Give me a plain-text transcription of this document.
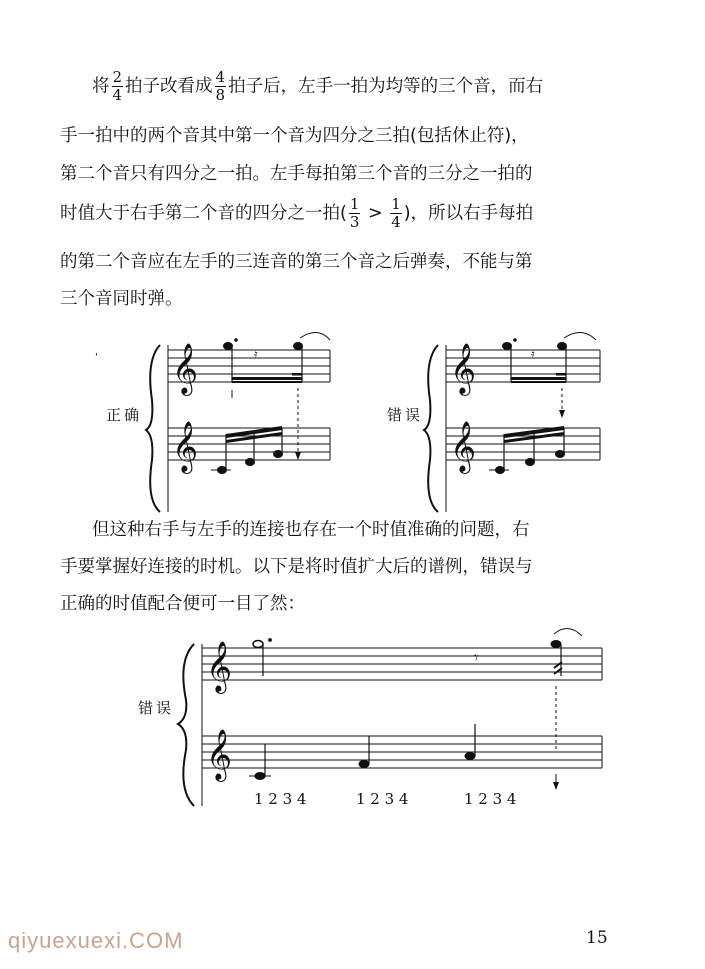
将 $\frac{2}{4}$ 拍子改看成 $\frac{4}{8}$ 拍子后，左手一拍为均等的三个音，而右
手一拍中的两个音其中第一个音为四分之三拍(包括休止符)，
第二个音只有四分之一拍。左手每拍第三个音的三分之一拍的
时值大于右手第二个音的四分之一拍( $\frac{1}{3} > \frac{1}{4}$ )，所以右手每拍
的第二个音应在左手的三连音的第三个音之后弹奏，不能与第
三个音同时弹。
正确	错误
𝄞
𝄞
𝄞
𝄞
𝄿	𝄿
'
但这种右手与左手的连接也存在一个时值准确的问题，右
手要掌握好连接的时机。以下是将时值扩大后的谱例，错误与
正确的时值配合便可一目了然：
错误
𝄞
𝄞
𝄾
1 2 3 4	1 2 3 4	1 2 3 4
qiyuexuexi.COM	15
